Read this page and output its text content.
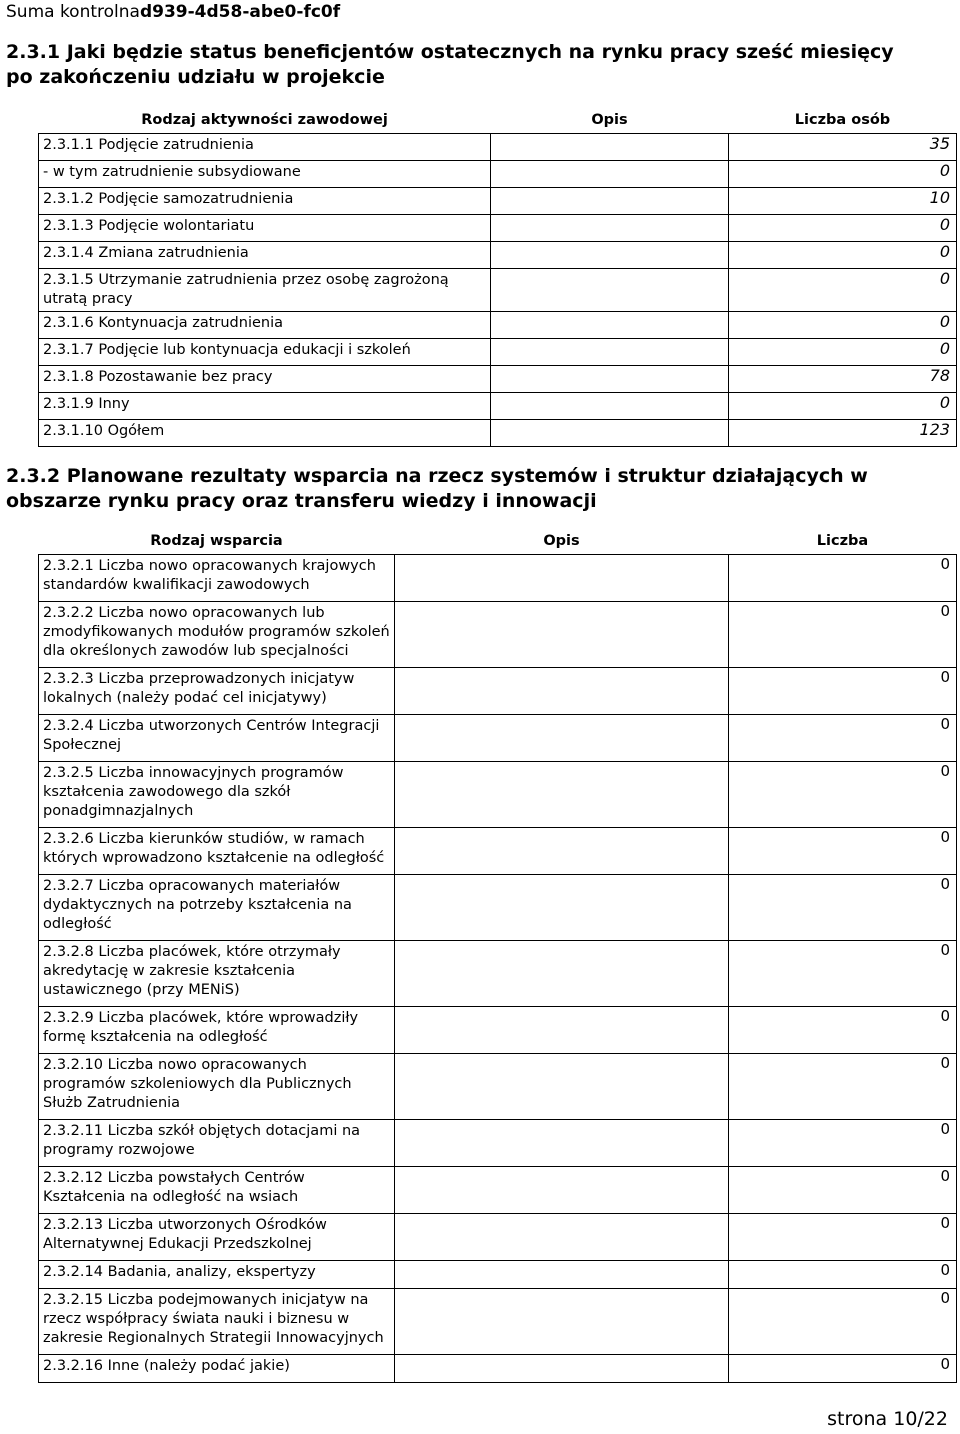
Suma kontrolnad939-4d58-abe0-fc0f
2.3.1 Jaki będzie status beneficjentów ostatecznych na rynku pracy sześć miesięcy po zakończeniu udziału w projekcie
Rodzaj aktywności zawodowej	Opis	Liczba osób
2.3.1.1 Podjęcie zatrudnienia		35
- w tym zatrudnienie subsydiowane		0
2.3.1.2 Podjęcie samozatrudnienia		10
2.3.1.3 Podjęcie wolontariatu		0
2.3.1.4 Zmiana zatrudnienia		0
2.3.1.5 Utrzymanie zatrudnienia przez osobę zagrożoną utratą pracy		0
2.3.1.6 Kontynuacja zatrudnienia		0
2.3.1.7 Podjęcie lub kontynuacja edukacji i szkoleń		0
2.3.1.8 Pozostawanie bez pracy		78
2.3.1.9 Inny		0
2.3.1.10 Ogółem		123
2.3.2 Planowane rezultaty wsparcia na rzecz systemów i struktur działających w obszarze rynku pracy oraz transferu wiedzy i innowacji
Rodzaj wsparcia	Opis	Liczba
2.3.2.1 Liczba nowo opracowanych krajowych standardów kwalifikacji zawodowych		0
2.3.2.2 Liczba nowo opracowanych lub zmodyfikowanych modułów programów szkoleń dla określonych zawodów lub specjalności		0
2.3.2.3 Liczba przeprowadzonych inicjatyw lokalnych (należy podać cel inicjatywy)		0
2.3.2.4 Liczba utworzonych Centrów Integracji Społecznej		0
2.3.2.5 Liczba innowacyjnych programów kształcenia zawodowego dla szkół ponadgimnazjalnych		0
2.3.2.6 Liczba kierunków studiów, w ramach których wprowadzono kształcenie na odległość		0
2.3.2.7 Liczba opracowanych materiałów dydaktycznych na potrzeby kształcenia na odległość		0
2.3.2.8 Liczba placówek, które otrzymały akredytację w zakresie kształcenia ustawicznego (przy MENiS)		0
2.3.2.9 Liczba placówek, które wprowadziły formę kształcenia na odległość		0
2.3.2.10 Liczba nowo opracowanych programów szkoleniowych dla Publicznych Służb Zatrudnienia		0
2.3.2.11 Liczba szkół objętych dotacjami na programy rozwojowe		0
2.3.2.12 Liczba powstałych Centrów Kształcenia na odległość na wsiach		0
2.3.2.13 Liczba utworzonych Ośrodków Alternatywnej Edukacji Przedszkolnej		0
2.3.2.14 Badania, analizy, ekspertyzy		0
2.3.2.15 Liczba podejmowanych inicjatyw na rzecz współpracy świata nauki i biznesu w zakresie Regionalnych Strategii Innowacyjnych		0
2.3.2.16 Inne (należy podać jakie)		0
strona 10/22
